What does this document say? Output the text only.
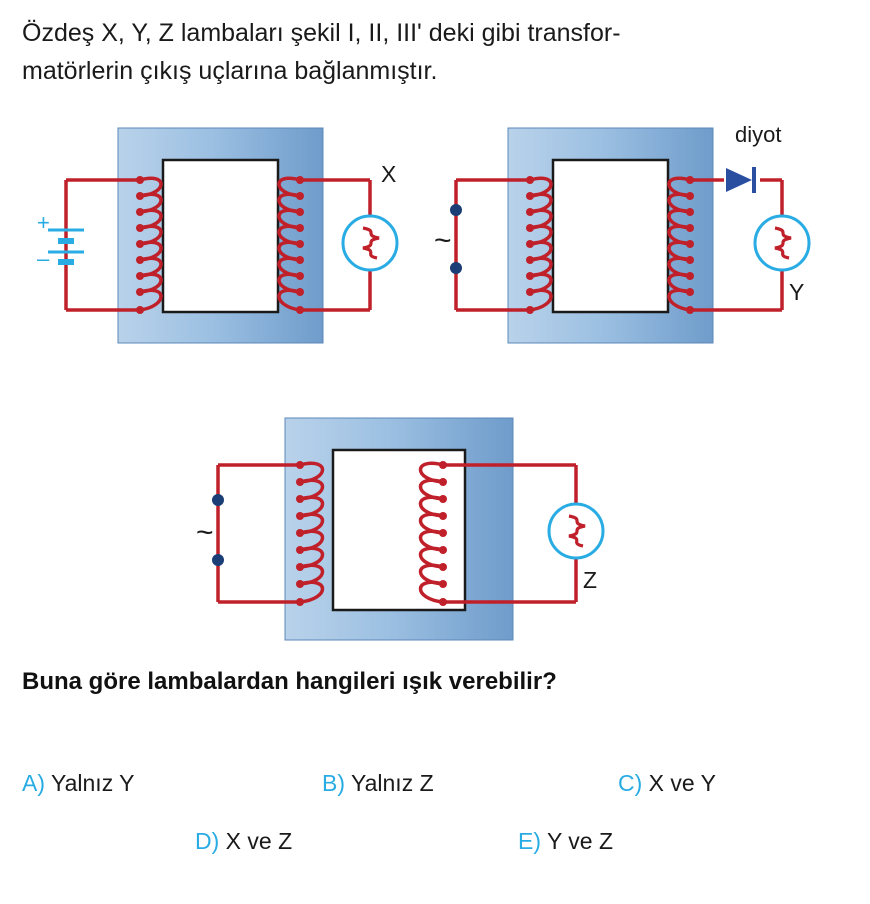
Özdeş X, Y, Z lambaları şekil I, II, III' deki gibi transfor-
matörlerin çıkış uçlarına bağlanmıştır.
+
–
X
~
diyot
Y
~
Z
Buna göre lambalardan hangileri ışık verebilir?
A) Yalnız Y	B) Yalnız Z	C) X ve Y
D) X ve Z	E) Y ve Z
